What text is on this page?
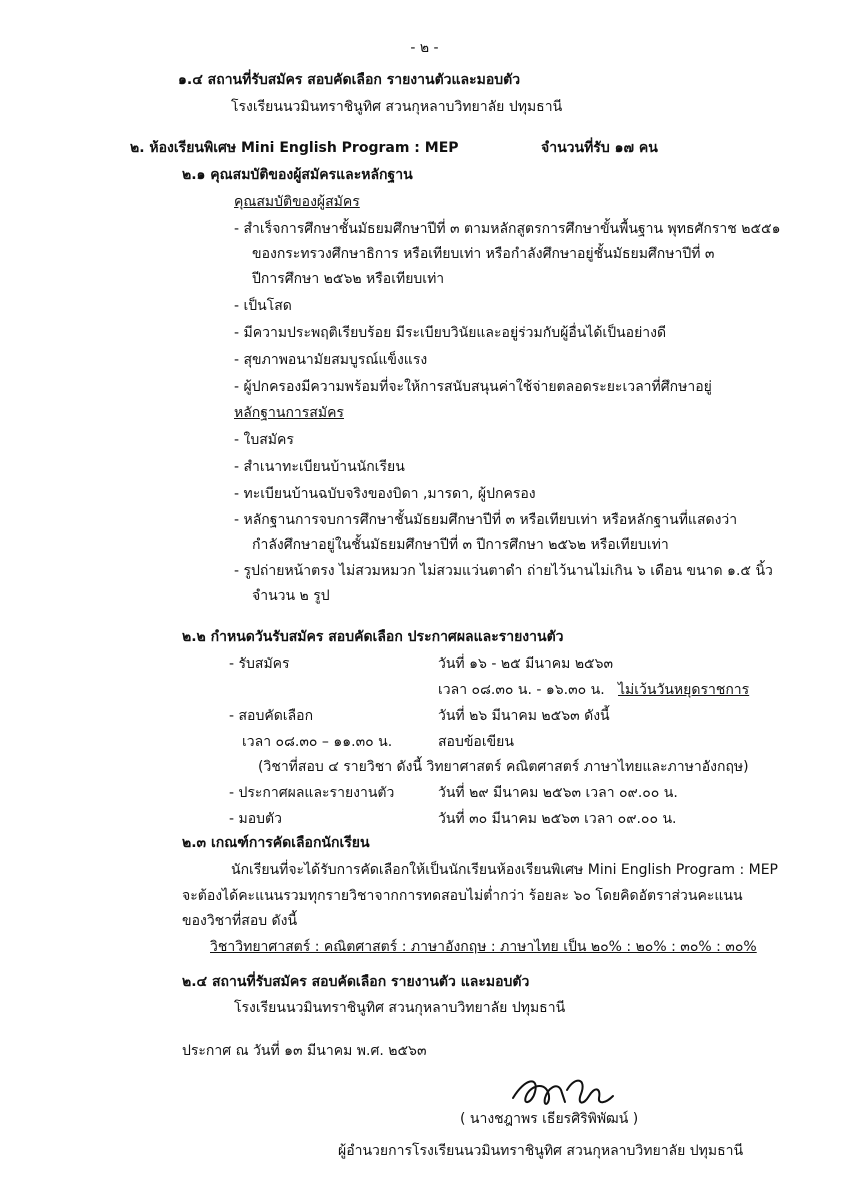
- ๒ -
๑.๔ สถานที่รับสมัคร สอบคัดเลือก รายงานตัวและมอบตัว
โรงเรียนนวมินทราชินูทิศ สวนกุหลาบวิทยาลัย ปทุมธานี
๒. ห้องเรียนพิเศษ Mini English Program : MEP	จำนวนที่รับ ๑๗ คน
๒.๑ คุณสมบัติของผู้สมัครและหลักฐาน
คุณสมบัติของผู้สมัคร
- สำเร็จการศึกษาชั้นมัธยมศึกษาปีที่ ๓ ตามหลักสูตรการศึกษาขั้นพื้นฐาน พุทธศักราช ๒๕๕๑
ของกระทรวงศึกษาธิการ หรือเทียบเท่า หรือกำลังศึกษาอยู่ชั้นมัธยมศึกษาปีที่ ๓
ปีการศึกษา ๒๕๖๒ หรือเทียบเท่า
- เป็นโสด
- มีความประพฤติเรียบร้อย มีระเบียบวินัยและอยู่ร่วมกับผู้อื่นได้เป็นอย่างดี
- สุขภาพอนามัยสมบูรณ์แข็งแรง
- ผู้ปกครองมีความพร้อมที่จะให้การสนับสนุนค่าใช้จ่ายตลอดระยะเวลาที่ศึกษาอยู่
หลักฐานการสมัคร
- ใบสมัคร
- สำเนาทะเบียนบ้านนักเรียน
- ทะเบียนบ้านฉบับจริงของบิดา ,มารดา, ผู้ปกครอง
- หลักฐานการจบการศึกษาชั้นมัธยมศึกษาปีที่ ๓ หรือเทียบเท่า หรือหลักฐานที่แสดงว่า
กำลังศึกษาอยู่ในชั้นมัธยมศึกษาปีที่ ๓ ปีการศึกษา ๒๕๖๒ หรือเทียบเท่า
- รูปถ่ายหน้าตรง ไม่สวมหมวก ไม่สวมแว่นตาดำ ถ่ายไว้นานไม่เกิน ๖ เดือน ขนาด ๑.๕ นิ้ว
จำนวน ๒ รูป
๒.๒ กำหนดวันรับสมัคร สอบคัดเลือก ประกาศผลและรายงานตัว
- รับสมัคร	วันที่ ๑๖ - ๒๕ มีนาคม ๒๕๖๓
เวลา ๐๘.๓๐ น. - ๑๖.๓๐ น. ไม่เว้นวันหยุดราชการ
- สอบคัดเลือก	วันที่ ๒๖ มีนาคม ๒๕๖๓ ดังนี้
เวลา ๐๘.๓๐ – ๑๑.๓๐ น.	สอบข้อเขียน
(วิชาที่สอบ ๔ รายวิชา ดังนี้ วิทยาศาสตร์ คณิตศาสตร์ ภาษาไทยและภาษาอังกฤษ)
- ประกาศผลและรายงานตัว	วันที่ ๒๙ มีนาคม ๒๕๖๓ เวลา ๐๙.๐๐ น.
- มอบตัว	วันที่ ๓๐ มีนาคม ๒๕๖๓ เวลา ๐๙.๐๐ น.
๒.๓ เกณฑ์การคัดเลือกนักเรียน
นักเรียนที่จะได้รับการคัดเลือกให้เป็นนักเรียนห้องเรียนพิเศษ Mini English Program : MEP
จะต้องได้คะแนนรวมทุกรายวิชาจากการทดสอบไม่ต่ำกว่า ร้อยละ ๖๐ โดยคิดอัตราส่วนคะแนน
ของวิชาที่สอบ ดังนี้
วิชาวิทยาศาสตร์ : คณิตศาสตร์ : ภาษาอังกฤษ : ภาษาไทย เป็น ๒๐% : ๒๐% : ๓๐% : ๓๐%
๒.๔ สถานที่รับสมัคร สอบคัดเลือก รายงานตัว และมอบตัว
โรงเรียนนวมินทราชินูทิศ สวนกุหลาบวิทยาลัย ปทุมธานี
ประกาศ ณ วันที่ ๑๓ มีนาคม พ.ศ. ๒๕๖๓
( นางชฎาพร เธียรศิริพิพัฒน์ )
ผู้อำนวยการโรงเรียนนวมินทราชินูทิศ สวนกุหลาบวิทยาลัย ปทุมธานี
